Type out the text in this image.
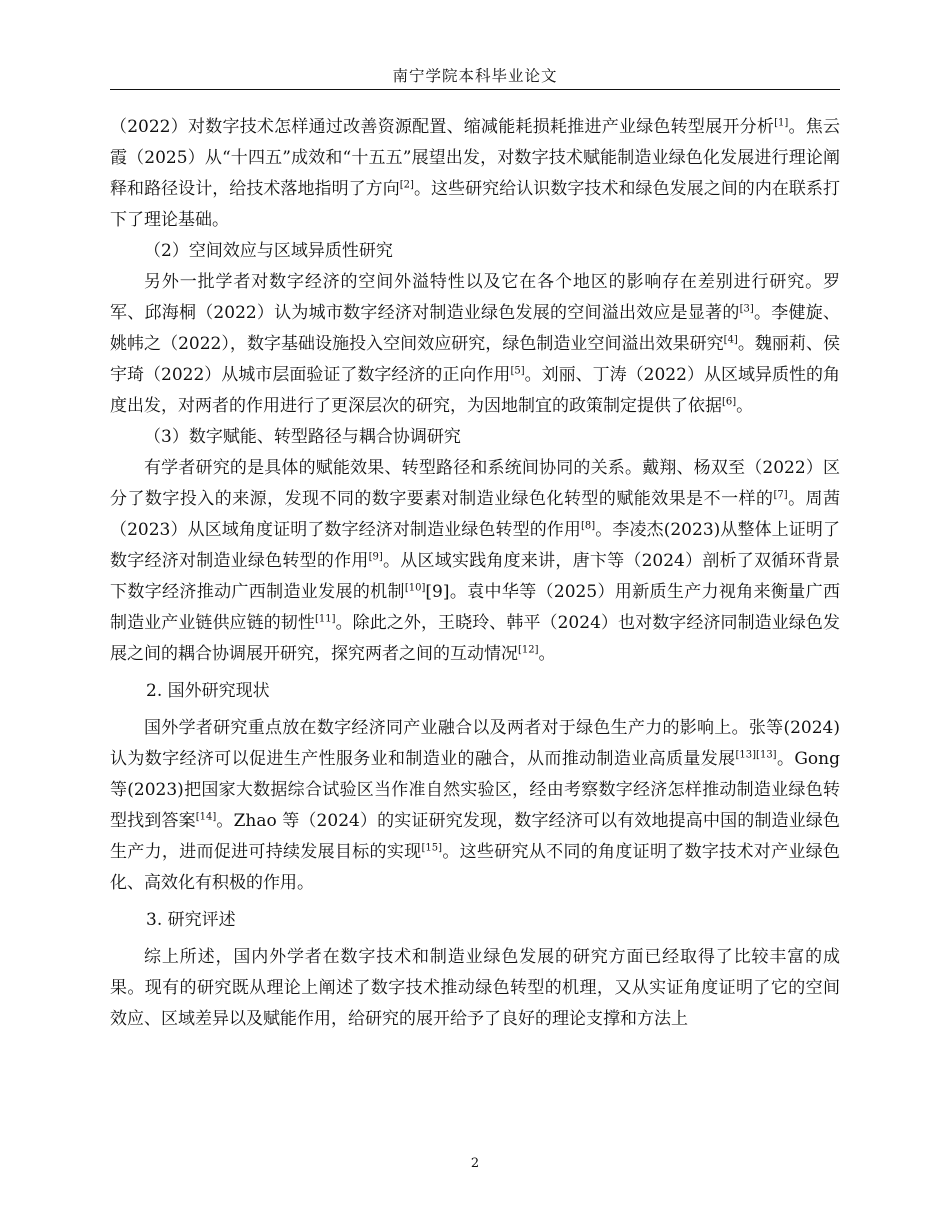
南宁学院本科毕业论文

（2022）对数字技术怎样通过改善资源配置、缩减能耗损耗推进产业绿色转型展开分析[1]。焦云霞（2025）从“十四五”成效和“十五五”展望出发，对数字技术赋能制造业绿色化发展进行理论阐释和路径设计，给技术落地指明了方向[2]。这些研究给认识数字技术和绿色发展之间的内在联系打下了理论基础。

（2）空间效应与区域异质性研究

另外一批学者对数字经济的空间外溢特性以及它在各个地区的影响存在差别进行研究。罗军、邱海桐（2022）认为城市数字经济对制造业绿色发展的空间溢出效应是显著的[3]。李健旋、姚帏之（2022），数字基础设施投入空间效应研究，绿色制造业空间溢出效果研究[4]。魏丽莉、侯宇琦（2022）从城市层面验证了数字经济的正向作用[5]。刘丽、丁涛（2022）从区域异质性的角度出发，对两者的作用进行了更深层次的研究，为因地制宜的政策制定提供了依据[6]。

（3）数字赋能、转型路径与耦合协调研究

有学者研究的是具体的赋能效果、转型路径和系统间协同的关系。戴翔、杨双至（2022）区分了数字投入的来源，发现不同的数字要素对制造业绿色化转型的赋能效果是不一样的[7]。周茜（2023）从区域角度证明了数字经济对制造业绿色转型的作用[8]。李凌杰(2023)从整体上证明了数字经济对制造业绿色转型的作用[9]。从区域实践角度来讲，唐卞等（2024）剖析了双循环背景下数字经济推动广西制造业发展的机制[10][9]。袁中华等（2025）用新质生产力视角来衡量广西制造业产业链供应链的韧性[11]。除此之外，王晓玲、韩平（2024）也对数字经济同制造业绿色发展之间的耦合协调展开研究，探究两者之间的互动情况[12]。

2. 国外研究现状

国外学者研究重点放在数字经济同产业融合以及两者对于绿色生产力的影响上。张等(2024)认为数字经济可以促进生产性服务业和制造业的融合，从而推动制造业高质量发展[13][13]。Gong 等(2023)把国家大数据综合试验区当作准自然实验区，经由考察数字经济怎样推动制造业绿色转型找到答案[14]。Zhao 等（2024）的实证研究发现，数字经济可以有效地提高中国的制造业绿色生产力，进而促进可持续发展目标的实现[15]。这些研究从不同的角度证明了数字技术对产业绿色化、高效化有积极的作用。

3. 研究评述

综上所述，国内外学者在数字技术和制造业绿色发展的研究方面已经取得了比较丰富的成果。现有的研究既从理论上阐述了数字技术推动绿色转型的机理，又从实证角度证明了它的空间效应、区域差异以及赋能作用，给研究的展开给予了良好的理论支撑和方法上

2
